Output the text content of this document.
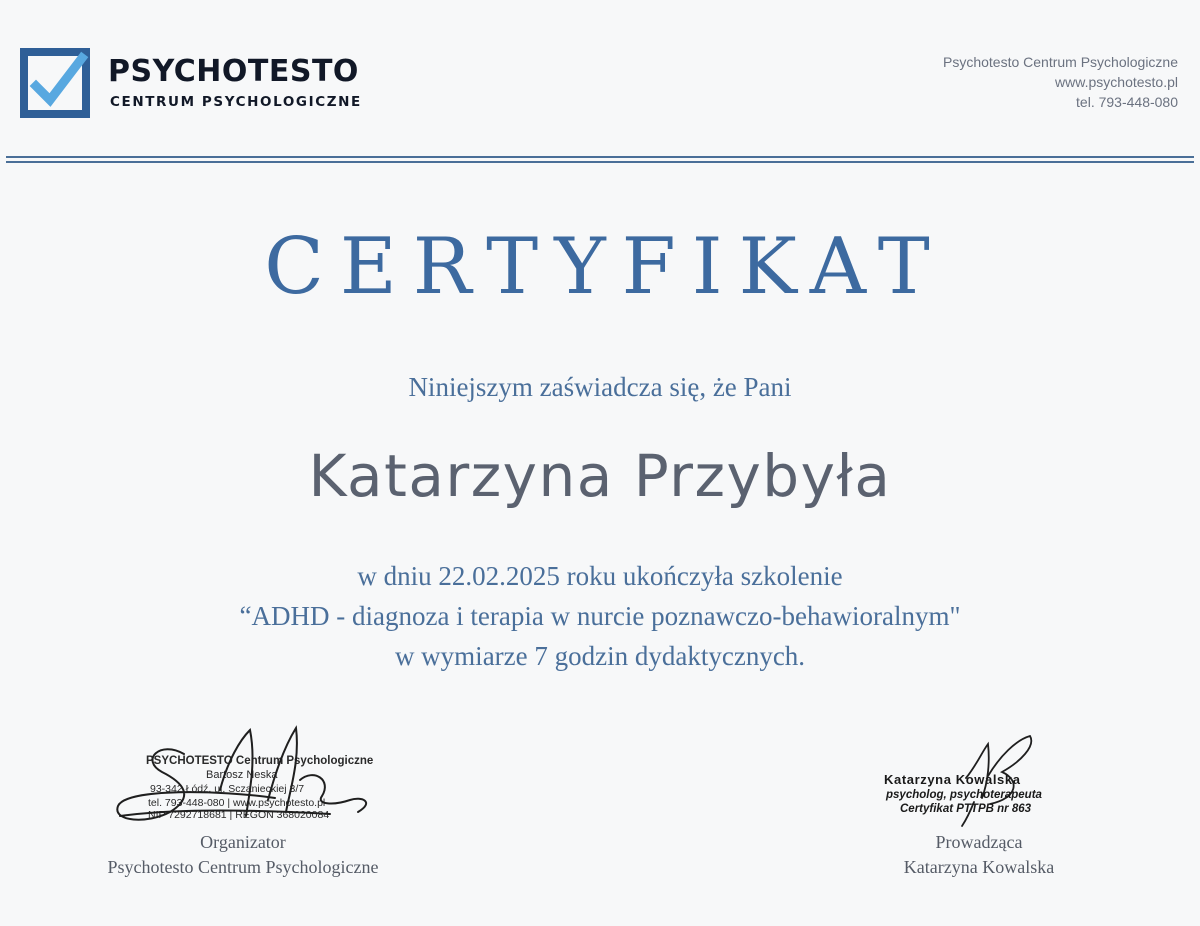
PSYCHOTESTO
CENTRUM PSYCHOLOGICZNE
Psychotesto Centrum Psychologiczne
www.psychotesto.pl
tel. 793-448-080
CERTYFIKAT
Niniejszym zaświadcza się, że Pani
Katarzyna Przybyła
w dniu 22.02.2025 roku ukończyła szkolenie
“ADHD - diagnoza i terapia w nurcie poznawczo-behawioralnym"
w wymiarze 7 godzin dydaktycznych.
PSYCHOTESTO Centrum Psychologiczne
Bartosz Neska
93-342 Łódź, ul. Sczanieckiej 3/7
tel. 793-448-080 | www.psychotesto.pl
NIP 7292718681 | REGON 368020084
Katarzyna Kowalska
psycholog, psychoterapeuta
Certyfikat PTTPB nr 863
Organizator
Psychotesto Centrum Psychologiczne
Prowadząca
Katarzyna Kowalska
